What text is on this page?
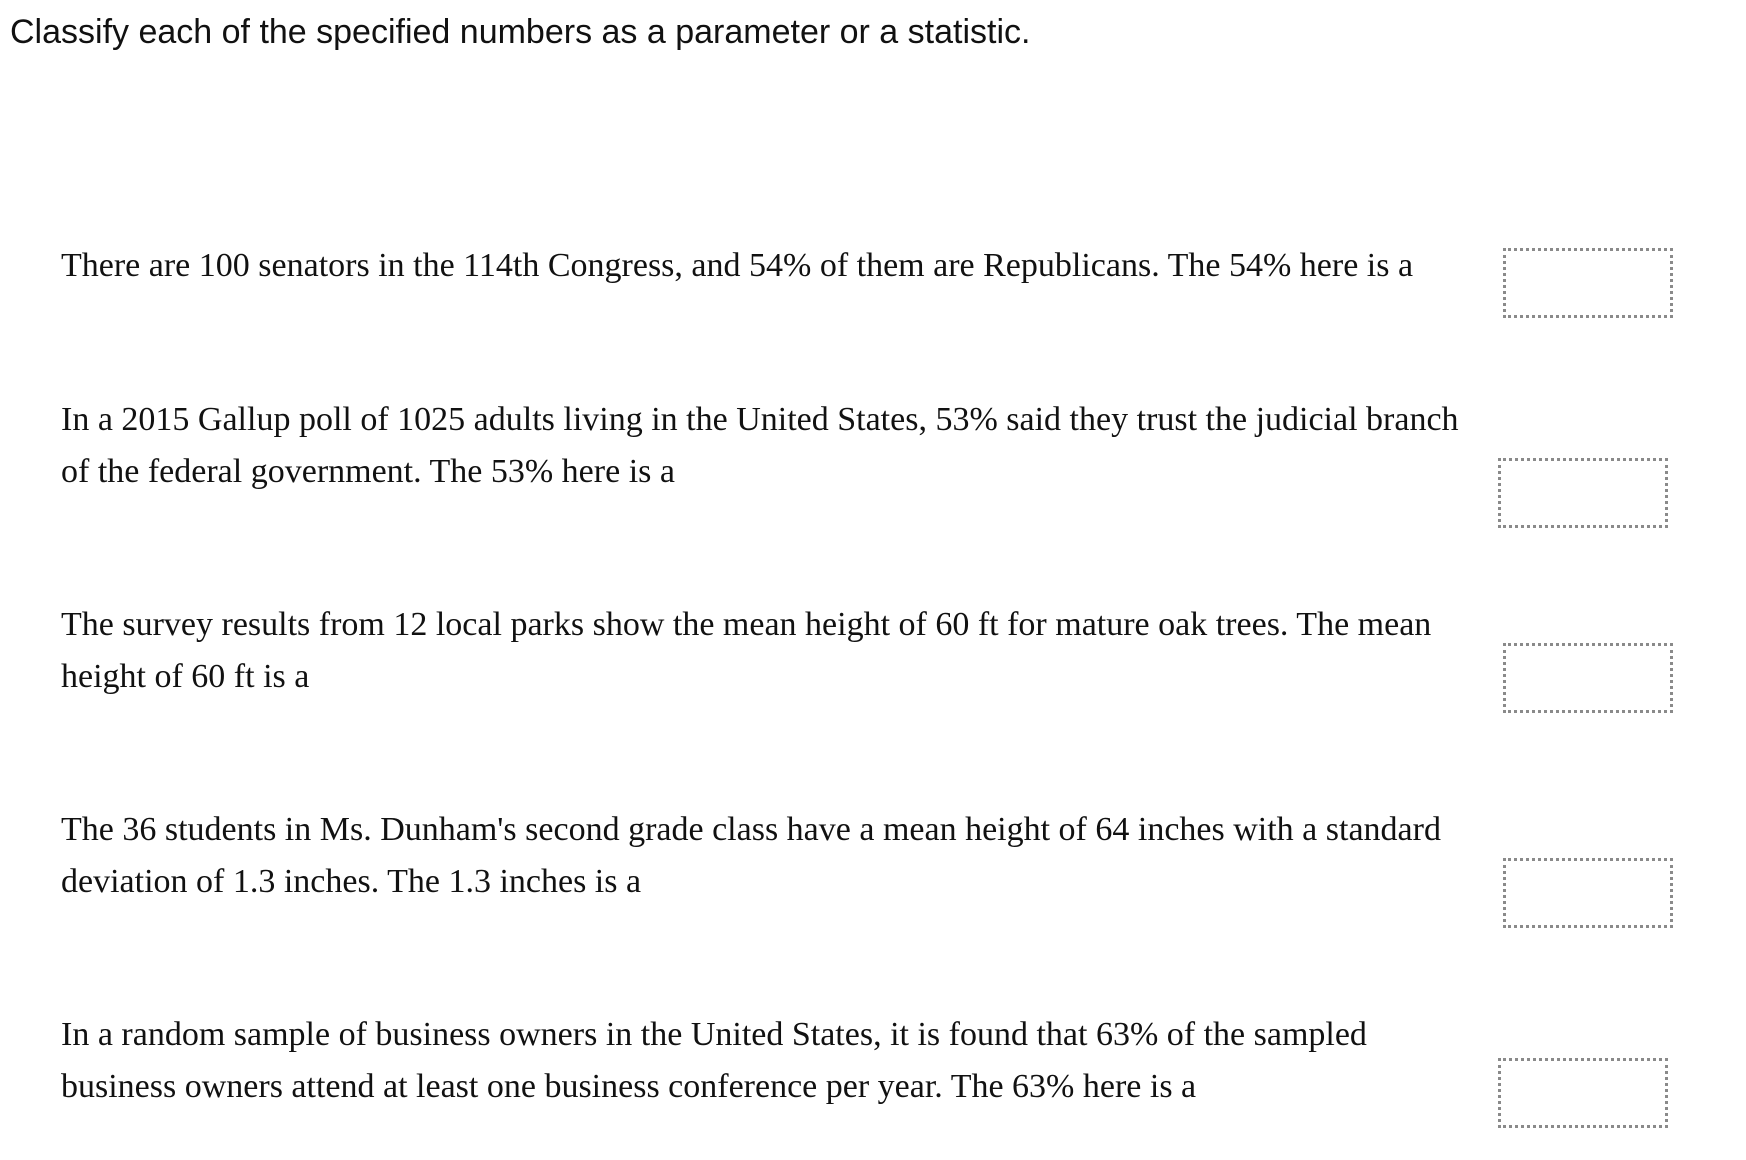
Classify each of the specified numbers as a parameter or a statistic.

There are 100 senators in the 114th Congress, and 54% of them are Republicans. The 54% here is a

In a 2015 Gallup poll of 1025 adults living in the United States, 53% said they trust the judicial branch of the federal government. The 53% here is a

The survey results from 12 local parks show the mean height of 60 ft for mature oak trees. The mean height of 60 ft is a

The 36 students in Ms. Dunham's second grade class have a mean height of 64 inches with a standard deviation of 1.3 inches. The 1.3 inches is a

In a random sample of business owners in the United States, it is found that 63% of the sampled business owners attend at least one business conference per year. The 63% here is a
